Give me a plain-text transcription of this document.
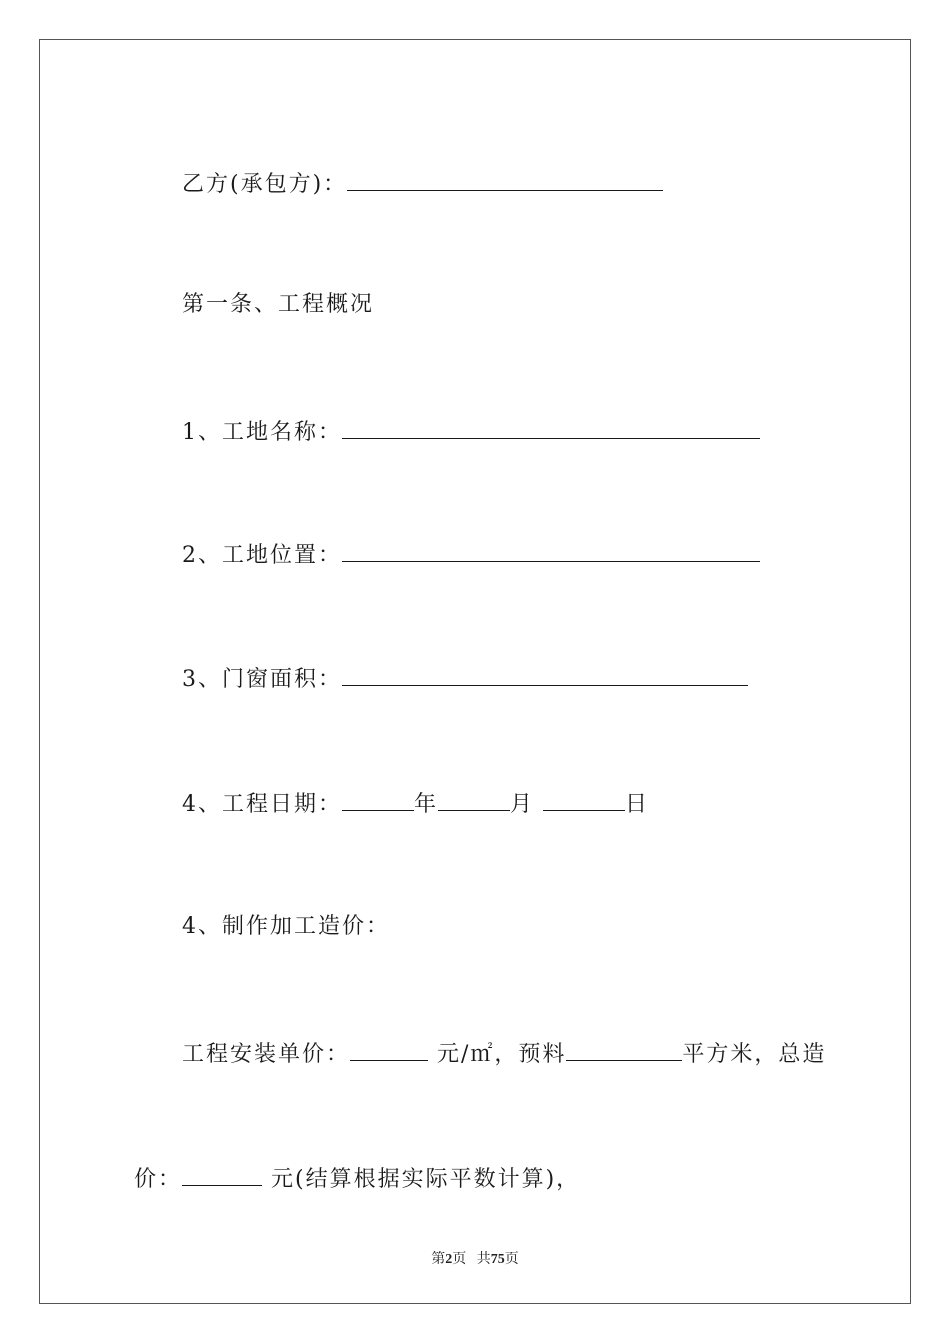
乙方(承包方)：

第一条、工程概况

1、工地名称：

2、工地位置：

3、门窗面积：

4、工程日期：	年	月	日

4、制作加工造价：

工程安装单价：	元/㎡，预料	平方米，总造

价：	元(结算根据实际平数计算)，

第2页 共75页
